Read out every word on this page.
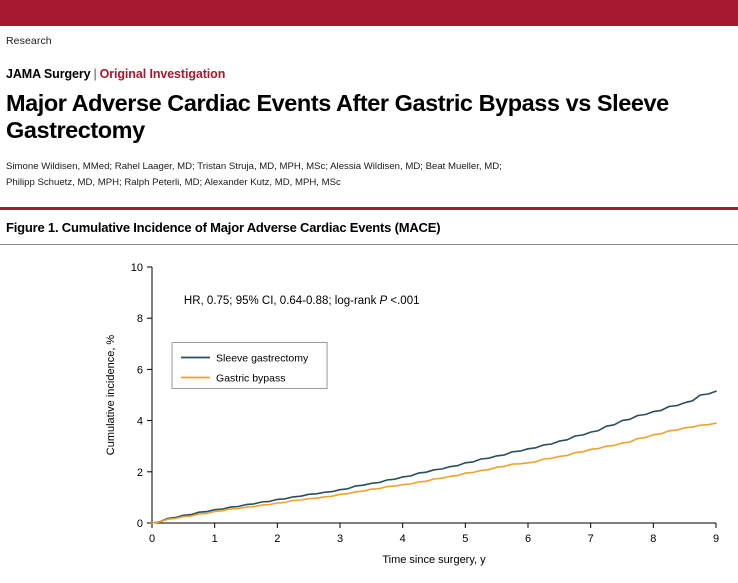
Research
JAMA Surgery | Original Investigation
Major Adverse Cardiac Events After Gastric Bypass vs Sleeve Gastrectomy
Simone Wildisen, MMed; Rahel Laager, MD; Tristan Struja, MD, MPH, MSc; Alessia Wildisen, MD; Beat Mueller, MD;
Philipp Schuetz, MD, MPH; Ralph Peterli, MD; Alexander Kutz, MD, MPH, MSc
Figure 1. Cumulative Incidence of Major Adverse Cardiac Events (MACE)
0
2
4
6
8
10
0	1	2	3	4	5	6	7	8	9
Time since surgery, y
Cumulative incidence, %
HR, 0.75; 95% CI, 0.64-0.88; log-rank P <.001
Sleeve gastrectomy
Gastric bypass
